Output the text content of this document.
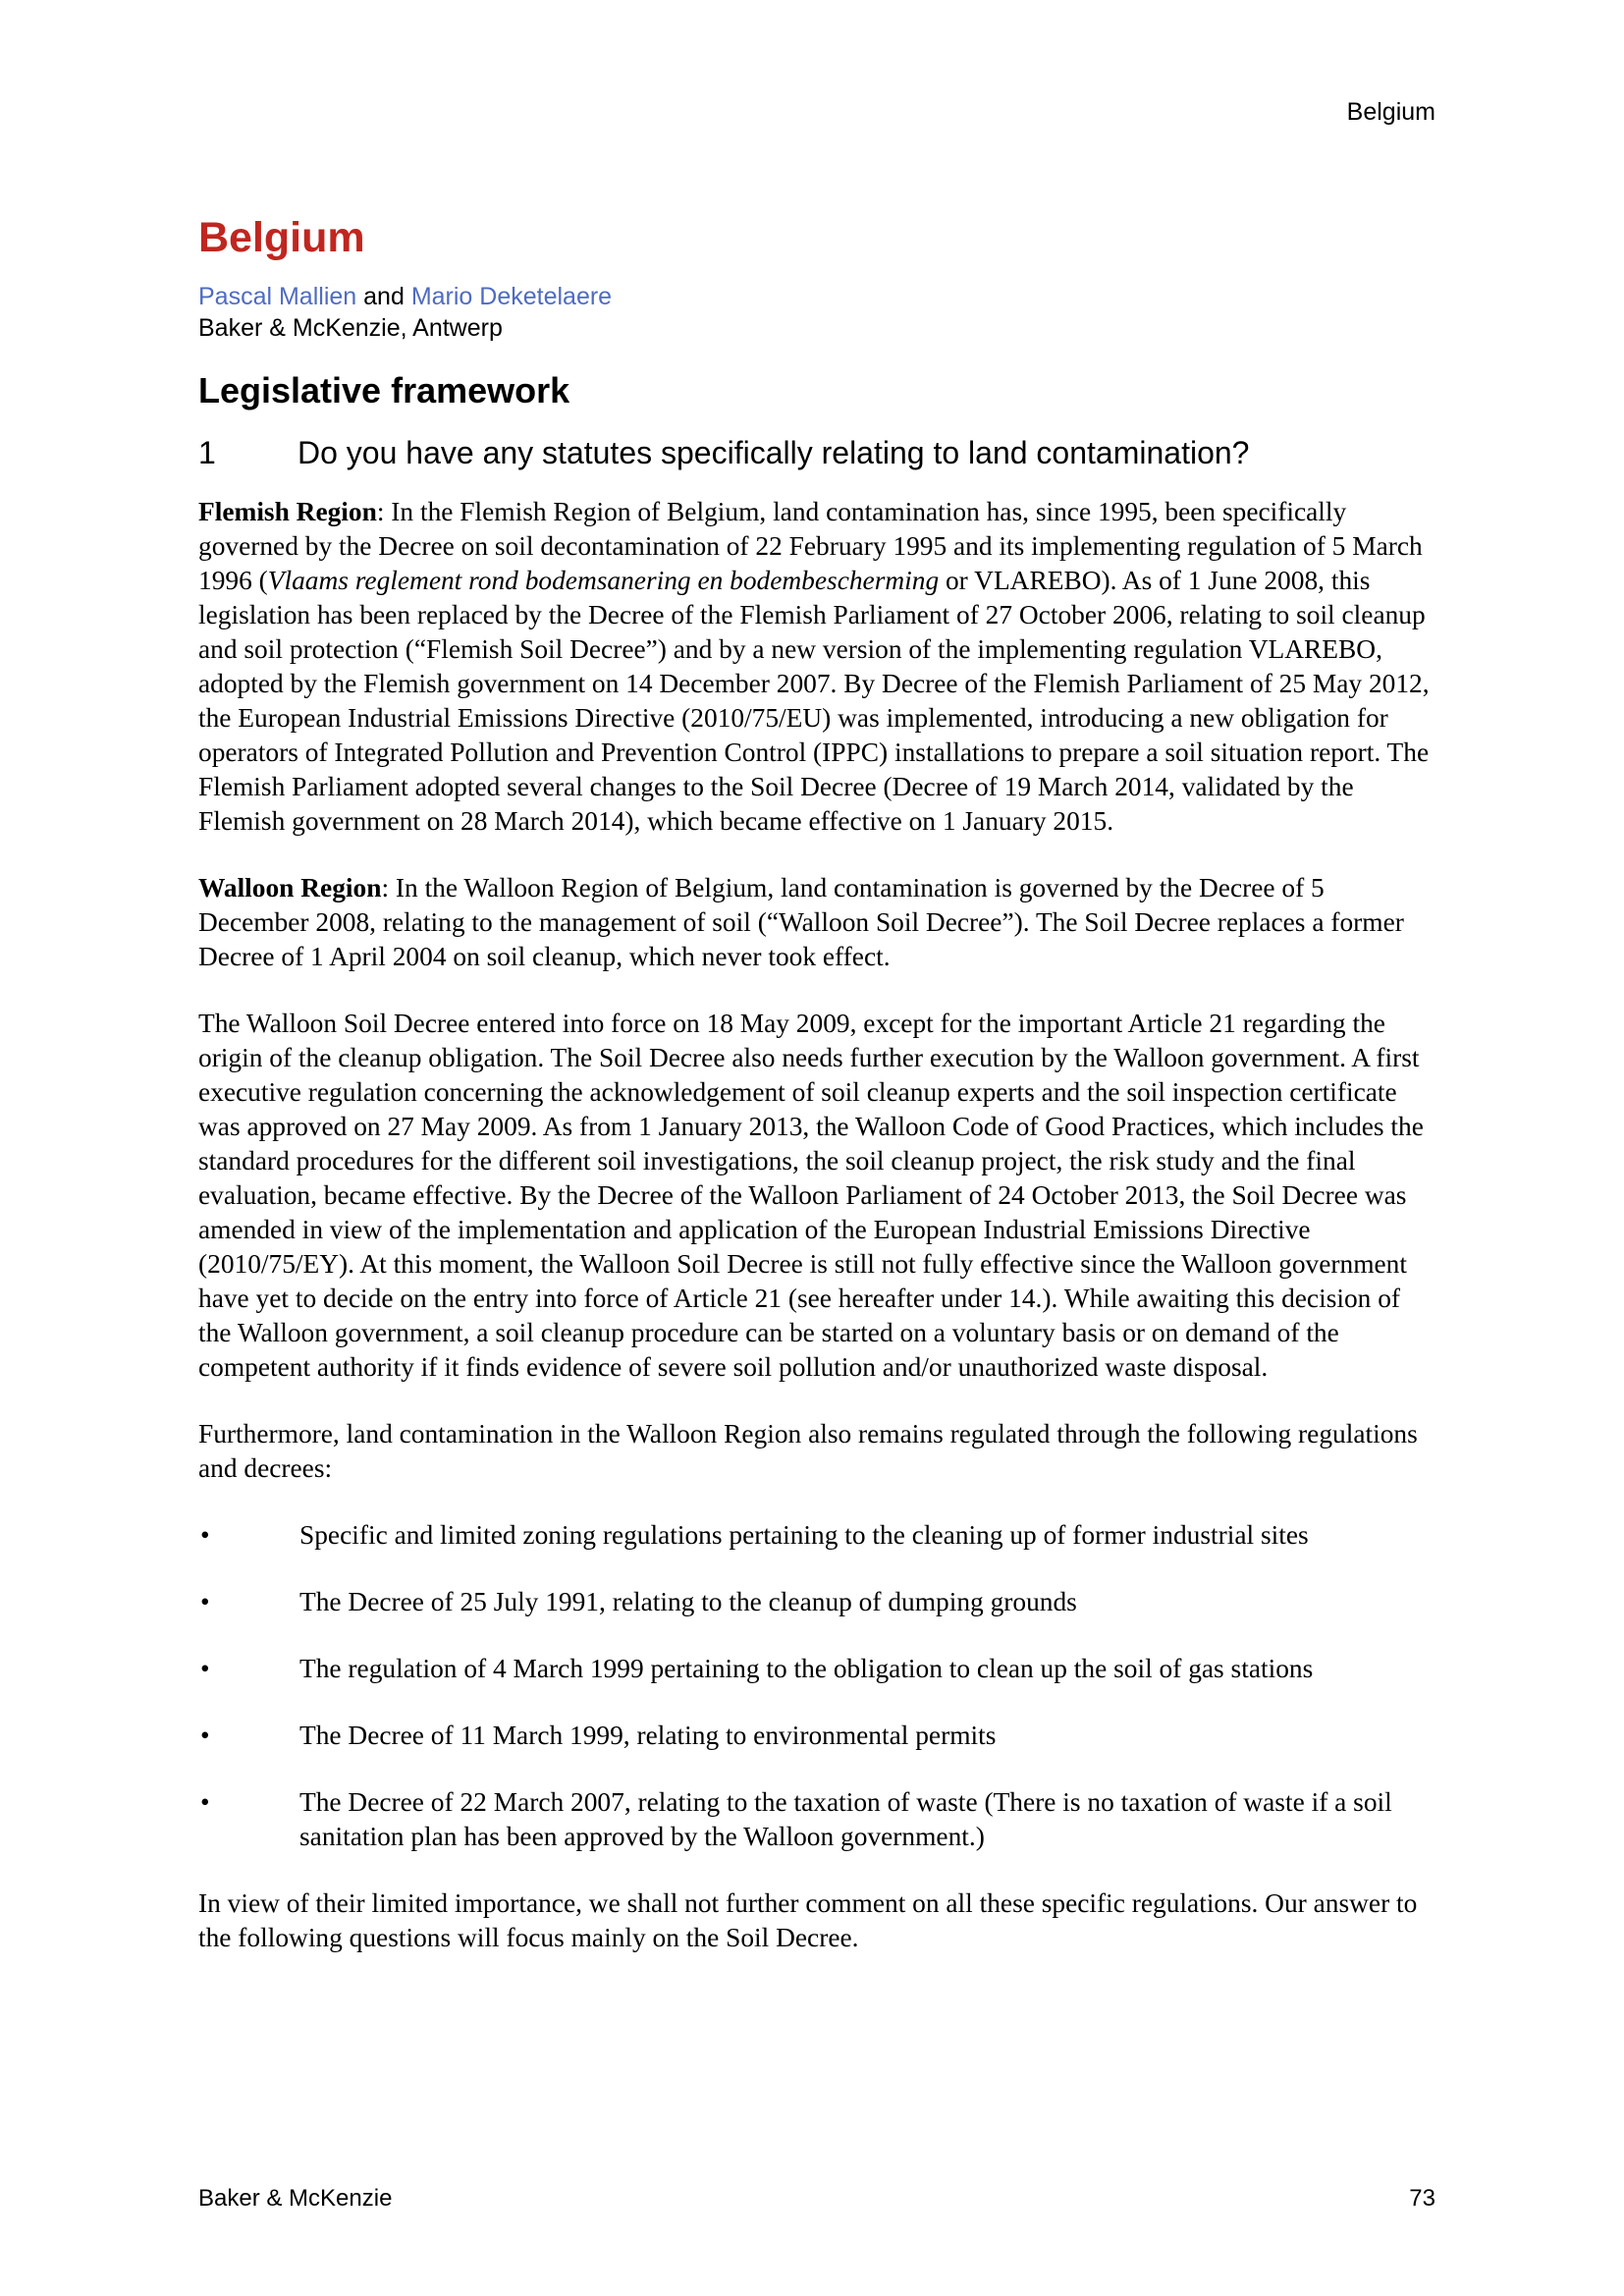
Belgium
Belgium
Pascal Mallien and Mario Deketelaere
Baker & McKenzie, Antwerp
Legislative framework
1	Do you have any statutes specifically relating to land contamination?

Flemish Region: In the Flemish Region of Belgium, land contamination has, since 1995, been specifically governed by the Decree on soil decontamination of 22 February 1995 and its implementing regulation of 5 March 1996 (Vlaams reglement rond bodemsanering en bodembescherming or VLAREBO). As of 1 June 2008, this legislation has been replaced by the Decree of the Flemish Parliament of 27 October 2006, relating to soil cleanup and soil protection (“Flemish Soil Decree”) and by a new version of the implementing regulation VLAREBO, adopted by the Flemish government on 14 December 2007. By Decree of the Flemish Parliament of 25 May 2012, the European Industrial Emissions Directive (2010/75/EU) was implemented, introducing a new obligation for operators of Integrated Pollution and Prevention Control (IPPC) installations to prepare a soil situation report. The Flemish Parliament adopted several changes to the Soil Decree (Decree of 19 March 2014, validated by the Flemish government on 28 March 2014), which became effective on 1 January 2015.

Walloon Region: In the Walloon Region of Belgium, land contamination is governed by the Decree of 5 December 2008, relating to the management of soil (“Walloon Soil Decree”). The Soil Decree replaces a former Decree of 1 April 2004 on soil cleanup, which never took effect.

The Walloon Soil Decree entered into force on 18 May 2009, except for the important Article 21 regarding the origin of the cleanup obligation. The Soil Decree also needs further execution by the Walloon government. A first executive regulation concerning the acknowledgement of soil cleanup experts and the soil inspection certificate was approved on 27 May 2009. As from 1 January 2013, the Walloon Code of Good Practices, which includes the standard procedures for the different soil investigations, the soil cleanup project, the risk study and the final evaluation, became effective. By the Decree of the Walloon Parliament of 24 October 2013, the Soil Decree was amended in view of the implementation and application of the European Industrial Emissions Directive (2010/75/EY). At this moment, the Walloon Soil Decree is still not fully effective since the Walloon government have yet to decide on the entry into force of Article 21 (see hereafter under 14.). While awaiting this decision of the Walloon government, a soil cleanup procedure can be started on a voluntary basis or on demand of the competent authority if it finds evidence of severe soil pollution and/or unauthorized waste disposal.

Furthermore, land contamination in the Walloon Region also remains regulated through the following regulations and decrees:

•	Specific and limited zoning regulations pertaining to the cleaning up of former industrial sites
•	The Decree of 25 July 1991, relating to the cleanup of dumping grounds
•	The regulation of 4 March 1999 pertaining to the obligation to clean up the soil of gas stations
•	The Decree of 11 March 1999, relating to environmental permits
•	The Decree of 22 March 2007, relating to the taxation of waste (There is no taxation of waste if a soil sanitation plan has been approved by the Walloon government.)

In view of their limited importance, we shall not further comment on all these specific regulations. Our answer to the following questions will focus mainly on the Soil Decree.

Baker & McKenzie	73
